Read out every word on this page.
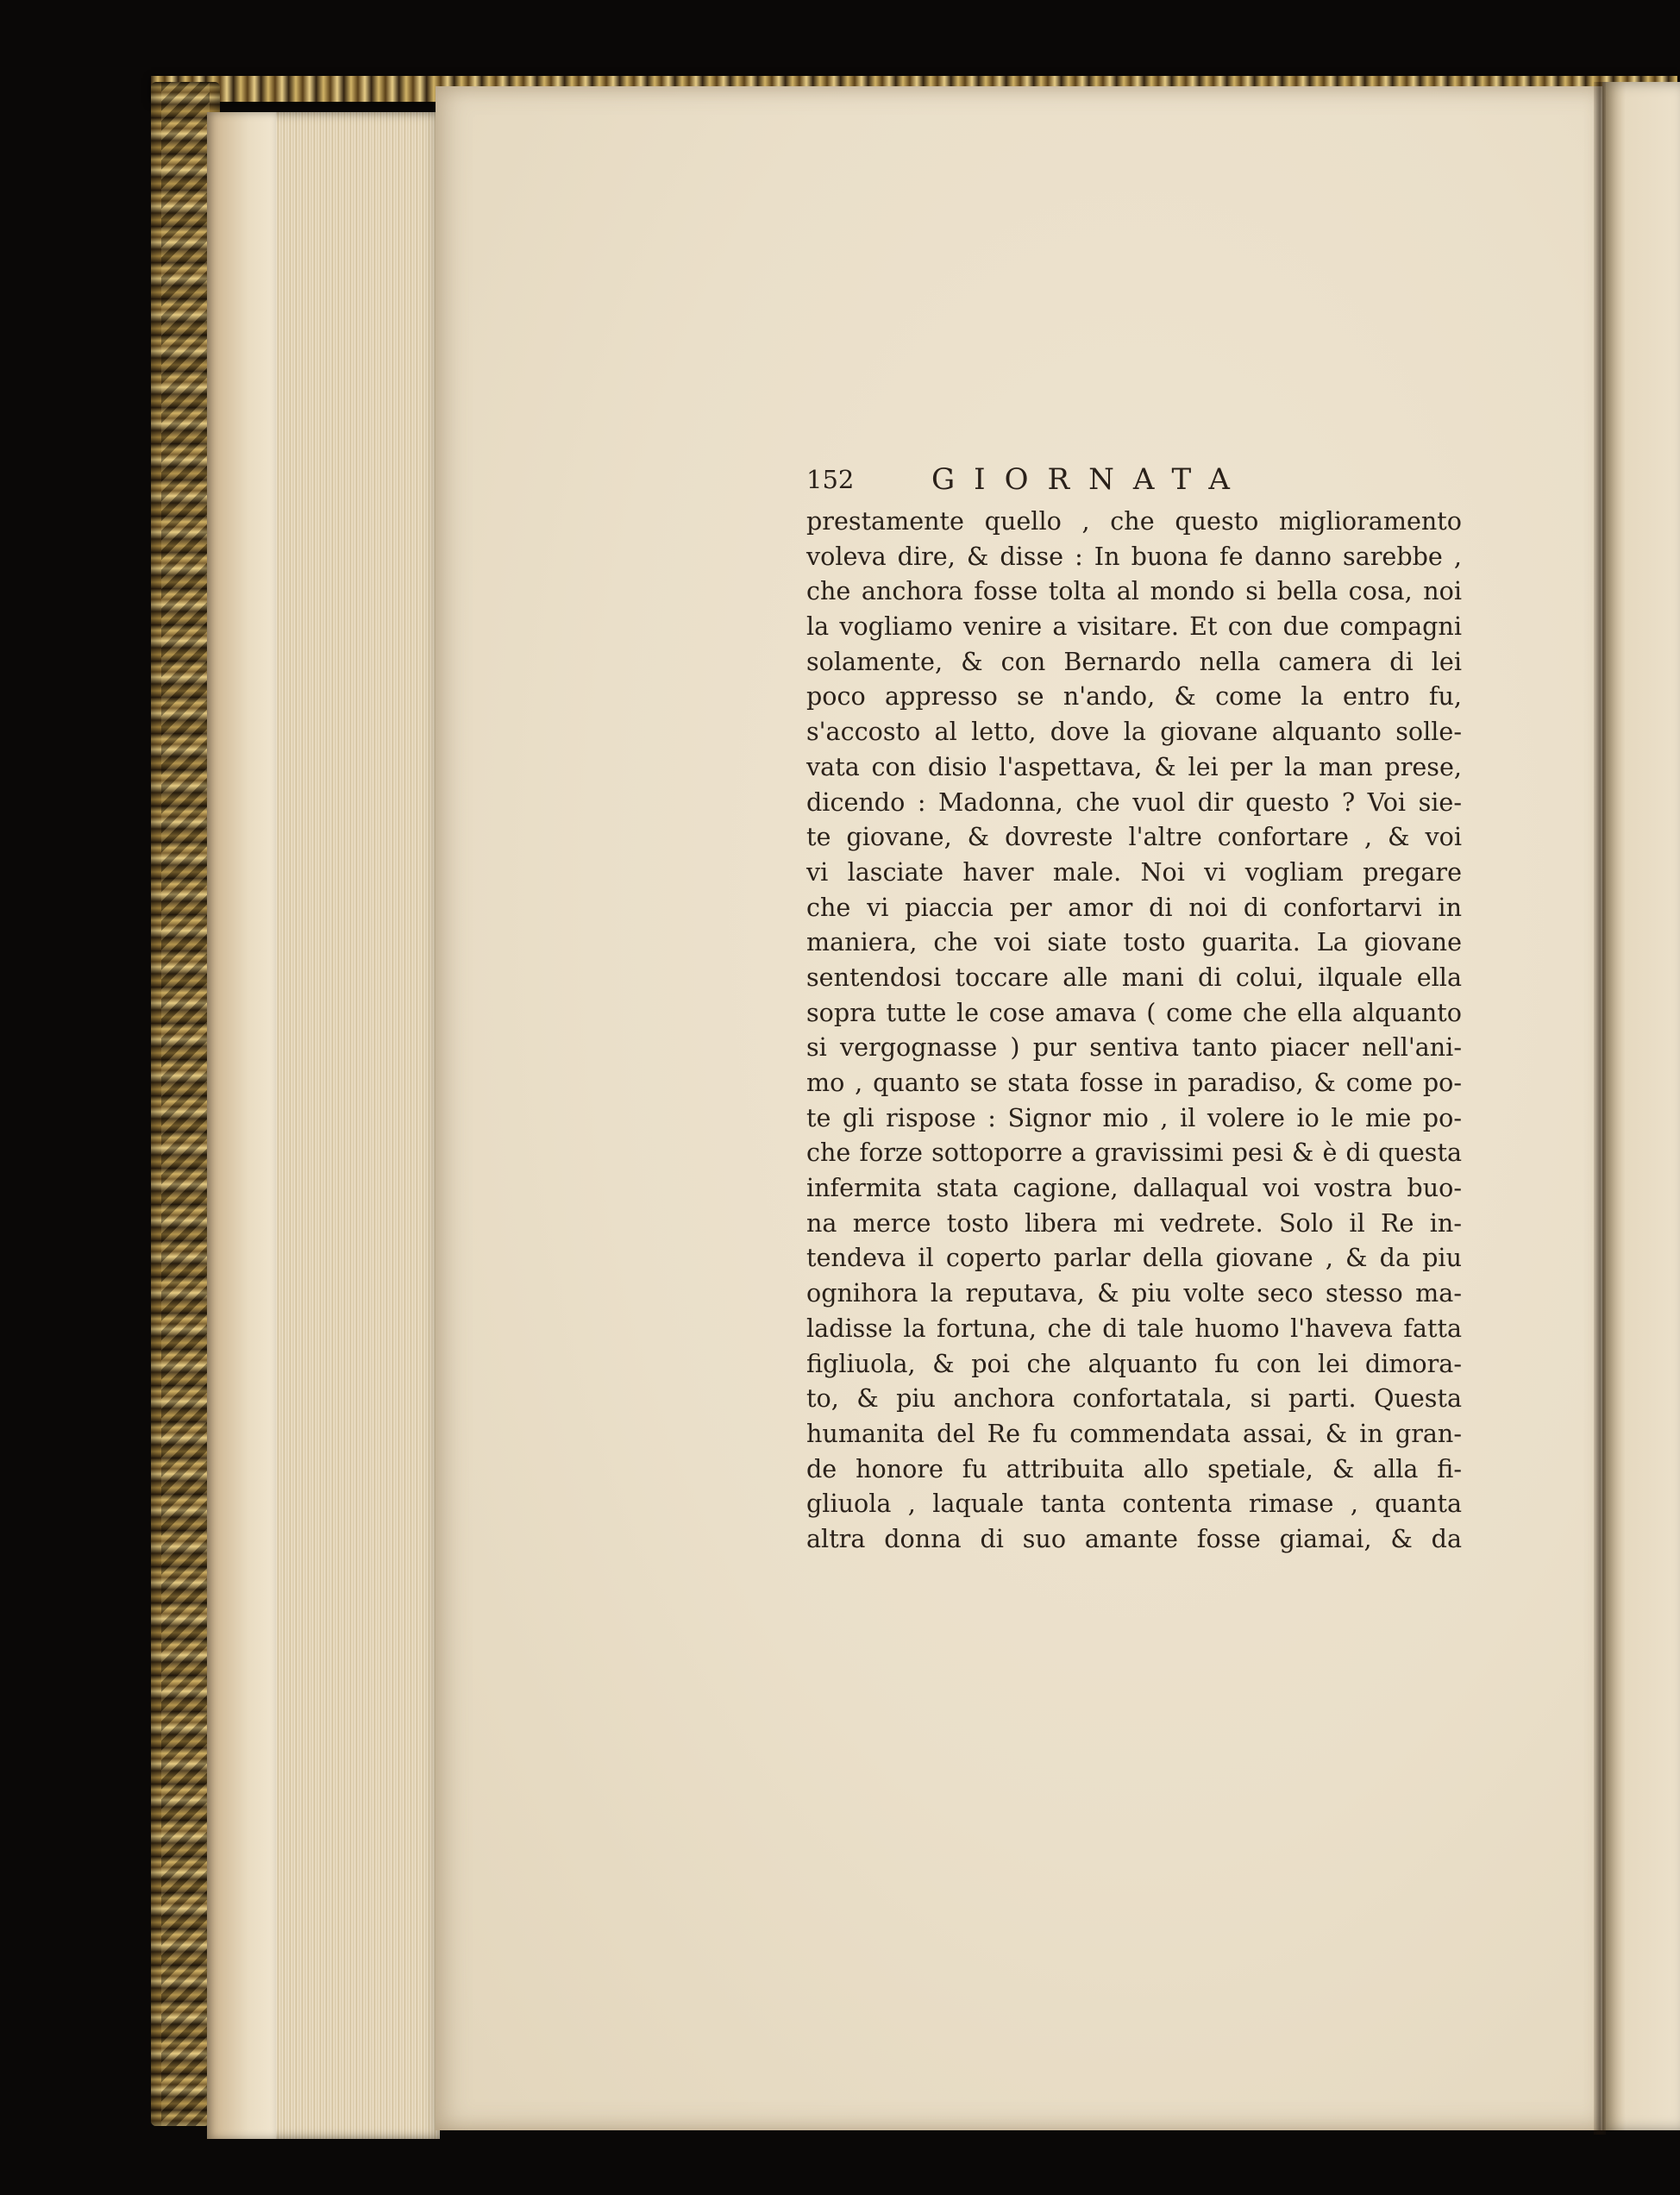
152	GIORNATA
prestamente quello , che questo miglioramento
voleva dire, & disse : In buona fe danno sarebbe ,
che anchora fosse tolta al mondo si bella cosa, noi
la vogliamo venire a visitare. Et con due compagni
solamente, & con Bernardo nella camera di lei
poco appresso se n'ando, & come la entro fu,
s'accosto al letto, dove la giovane alquanto solle-
vata con disio l'aspettava, & lei per la man prese,
dicendo : Madonna, che vuol dir questo ? Voi sie-
te giovane, & dovreste l'altre confortare , & voi
vi lasciate haver male. Noi vi vogliam pregare
che vi piaccia per amor di noi di confortarvi in
maniera, che voi siate tosto guarita. La giovane
sentendosi toccare alle mani di colui, ilquale ella
sopra tutte le cose amava ( come che ella alquanto
si vergognasse ) pur sentiva tanto piacer nell'ani-
mo , quanto se stata fosse in paradiso, & come po-
te gli rispose : Signor mio , il volere io le mie po-
che forze sottoporre a gravissimi pesi & è di questa
infermita stata cagione, dallaqual voi vostra buo-
na merce tosto libera mi vedrete. Solo il Re in-
tendeva il coperto parlar della giovane , & da piu
ognihora la reputava, & piu volte seco stesso ma-
ladisse la fortuna, che di tale huomo l'haveva fatta
figliuola, & poi che alquanto fu con lei dimora-
to, & piu anchora confortatala, si parti. Questa
humanita del Re fu commendata assai, & in gran-
de honore fu attribuita allo spetiale, & alla fi-
gliuola , laquale tanta contenta rimase , quanta
altra donna di suo amante fosse giamai, & da
